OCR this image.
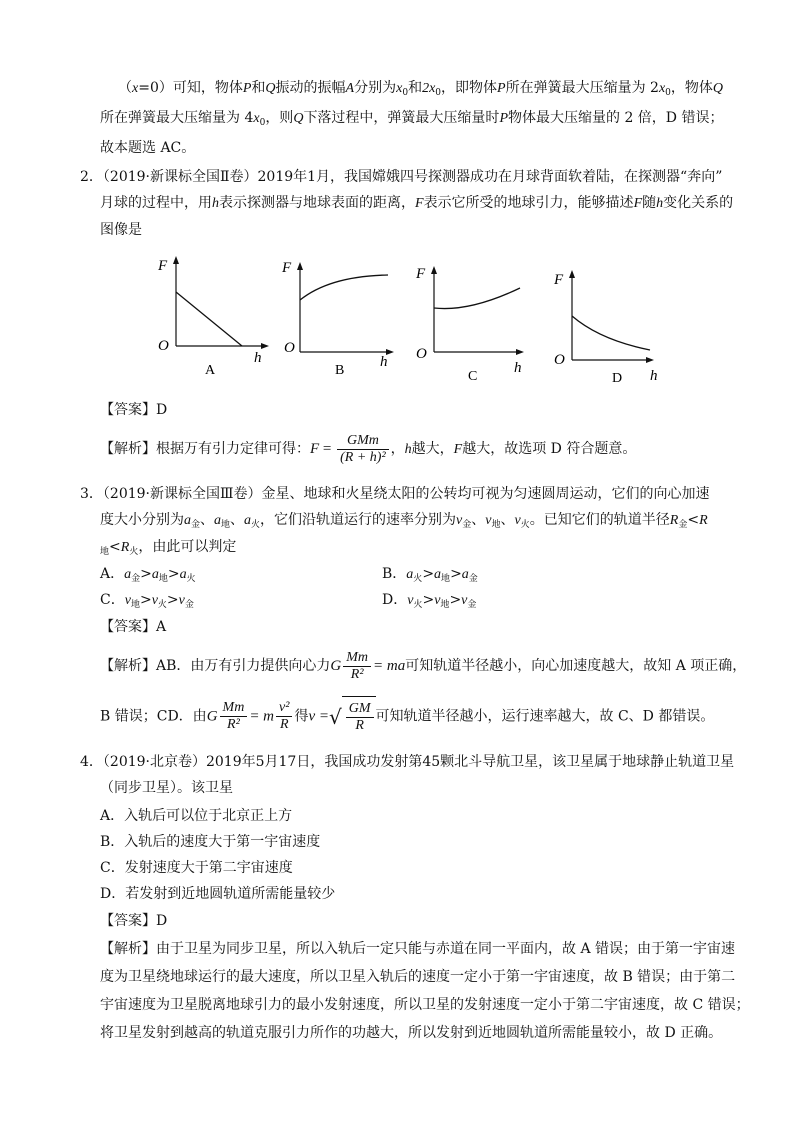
（x=0）可知，物体P和Q振动的振幅A分别为$x_0$和$2x_0$，即物体P所在弹簧最大压缩量为 $2x_0$，物体Q
所在弹簧最大压缩量为 $4x_0$，则Q下落过程中，弹簧最大压缩量时P物体最大压缩量的 2 倍，D 错误；
故本题选 AC。
2．（2019·新课标全国Ⅱ卷）2019年1月，我国嫦娥四号探测器成功在月球背面软着陆，在探测器“奔向”
月球的过程中，用h表示探测器与地球表面的距离，F表示它所受的地球引力，能够描述F随h变化关系的
图像是
F
O
h
A
F
O
h
B
F
O
h
C
F
O
h
D
【答案】D
【解析】根据万有引力定律可得：$F = \frac{\text{GMm}}{\text{(R + h)²}}$ ，h越大，F越大，故选项 D 符合题意。
3．（2019·新课标全国Ⅲ卷）金星、地球和火星绕太阳的公转均可视为匀速圆周运动，它们的向心加速
度大小分别为$a_金$、$a_地$、$a_火$，它们沿轨道运行的速率分别为$v_金$、$v_地$、$v_火$。已知它们的轨道半径$R_金<R$
$_地<R_火$，由此可以判定
A．$a_金>a_地>a_火$	B．$a_火>a_地>a_金$
C．$v_地>v_火>v_金$	D．$v_火>v_地>v_金$
【答案】A
【解析】AB．由万有引力提供向心力G $\frac{Mm}{\text{R²}}$ = ma可知轨道半径越小，向心加速度越大，故知 A 项正确，
B 错误；CD．由G $\frac{Mm}{\text{R²}} = m \frac{\text{v²}}{R}$ 得v =√ $\frac{GM}{R}$ 可知轨道半径越小，运行速率越大，故 C、D 都错误。
4．（2019·北京卷）2019年5月17日，我国成功发射第45颗北斗导航卫星，该卫星属于地球静止轨道卫星
（同步卫星）。该卫星
A．入轨后可以位于北京正上方
B．入轨后的速度大于第一宇宙速度
C．发射速度大于第二宇宙速度
D．若发射到近地圆轨道所需能量较少
【答案】D
【解析】由于卫星为同步卫星，所以入轨后一定只能与赤道在同一平面内，故 A 错误；由于第一宇宙速
度为卫星绕地球运行的最大速度，所以卫星入轨后的速度一定小于第一宇宙速度，故 B 错误；由于第二
宇宙速度为卫星脱离地球引力的最小发射速度，所以卫星的发射速度一定小于第二宇宙速度，故 C 错误；
将卫星发射到越高的轨道克服引力所作的功越大，所以发射到近地圆轨道所需能量较小，故 D 正确。
